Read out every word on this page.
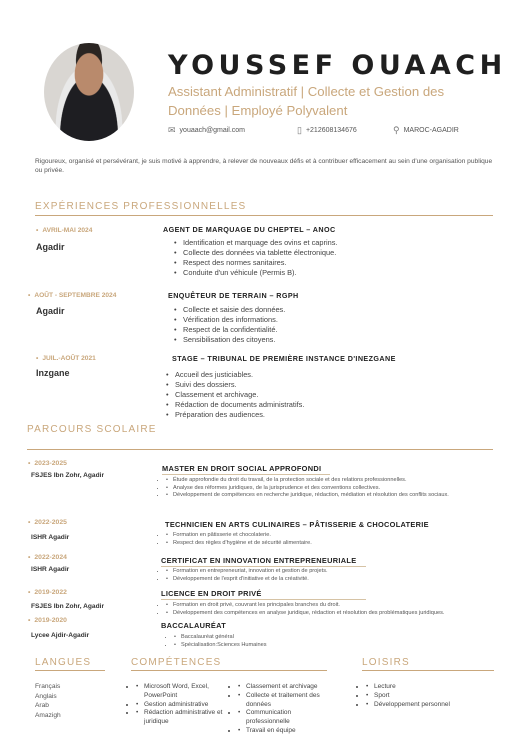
YOUSSEF OUAACH
Assistant Administratif | Collecte et Gestion des Données | Employé Polyvalent
✉ youaach@gmail.com	▯ +212608134676	⚲ MAROC-AGADIR
Rigoureux, organisé et persévérant, je suis motivé à apprendre, à relever de nouveaux défis et à contribuer efficacement au sein d'une organisation publique ou privée.
EXPÉRIENCES PROFESSIONNELLES
• AVRIL-MAI 2024
Agadir
AGENT DE MARQUAGE DU CHEPTEL – ANOC
• Identification et marquage des ovins et caprins.
• Collecte des données via tablette électronique.
• Respect des normes sanitaires.
• Conduite d'un véhicule (Permis B).
• AOÛT - SEPTEMBRE 2024
Agadir
ENQUÊTEUR DE TERRAIN – RGPH
• Collecte et saisie des données.
• Vérification des informations.
• Respect de la confidentialité.
• Sensibilisation des citoyens.
• JUIL.-AOÛT 2021
Inzgane
STAGE – TRIBUNAL DE PREMIÈRE INSTANCE D'INEZGANE
• Accueil des justiciables.
• Suivi des dossiers.
• Classement et archivage.
• Rédaction de documents administratifs.
• Préparation des audiences.
PARCOURS SCOLAIRE
• 2023-2025
FSJES Ibn Zohr, Agadir
MASTER EN DROIT SOCIAL APPROFONDI
• • Étude approfondie du droit du travail, de la protection sociale et des relations professionnelles.
• • Analyse des réformes juridiques, de la jurisprudence et des conventions collectives.
• • Développement de compétences en recherche juridique, rédaction, médiation et résolution des conflits sociaux.
• 2022-2025
ISHR Agadir
TECHNICIEN EN ARTS CULINAIRES – PÂTISSERIE & CHOCOLATERIE
• • Formation en pâtisserie et chocolaterie.
• • Respect des règles d'hygiène et de sécurité alimentaire.
• 2022-2024
ISHR Agadir
CERTIFICAT EN INNOVATION ENTREPRENEURIALE
• • Formation en entrepreneuriat, innovation et gestion de projets.
• • Développement de l'esprit d'initiative et de la créativité.
• 2019-2022
FSJES Ibn Zohr, Agadir
LICENCE EN DROIT PRIVÉ
• • Formation en droit privé, couvrant les principales branches du droit.
• • Développement des compétences en analyse juridique, rédaction et résolution des problématiques juridiques.
• 2019-2020
Lycee Ajdir-Agadir
BACCALAURÉAT
• • Baccalauréat général
• • Spécialisation:Sciences Humaines
LANGUES
Français
Anglais
Arab
Amazigh
COMPÉTENCES
• • Microsoft Word, Excel, PowerPoint
• • Gestion administrative
• • Rédaction administrative et juridique
• • Classement et archivage
• • Collecte et traitement des données
• • Communication professionnelle
• • Travail en équipe
LOISIRS
• • Lecture
• • Sport
• • Développement personnel
